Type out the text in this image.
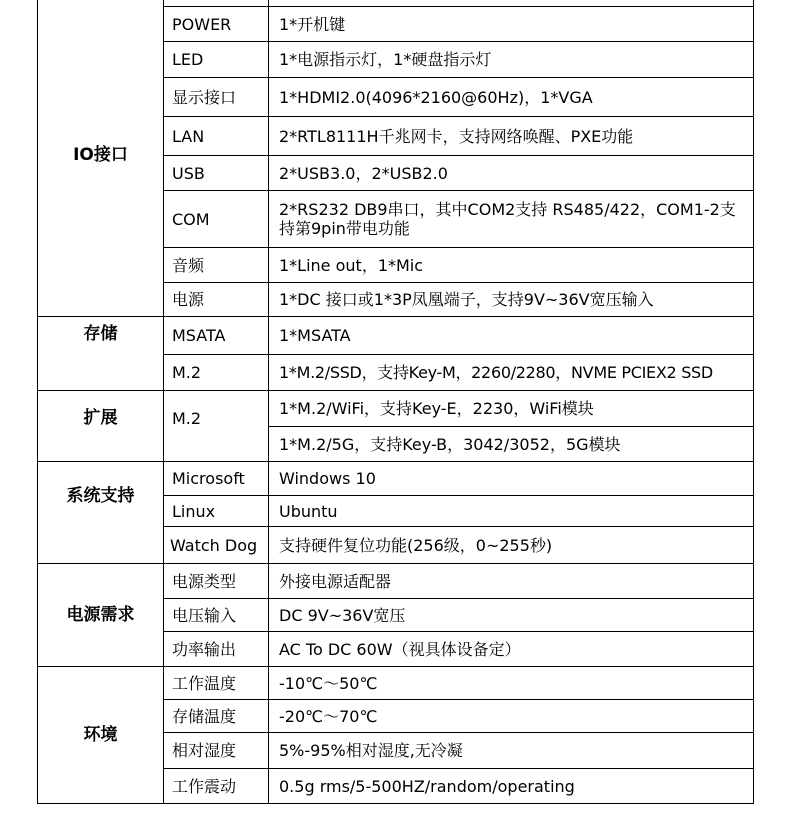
IO接口		
	POWER	1*开机键
	LED	1*电源指示灯，1*硬盘指示灯
	显示接口	1*HDMI2.0(4096*2160@60Hz)，1*VGA
	LAN	2*RTL8111H千兆网卡，支持网络唤醒、PXE功能
	USB	2*USB3.0，2*USB2.0
	COM	2*RS232 DB9串口，其中COM2支持 RS485/422，COM1-2支持第9pin带电功能
	音频	1*Line out，1*Mic
	电源	1*DC 接口或1*3P凤凰端子，支持9V~36V宽压输入
存储	MSATA	1*MSATA
	M.2	1*M.2/SSD，支持Key-M，2260/2280，NVME PCIEX2 SSD
扩展	M.2	1*M.2/WiFi，支持Key-E，2230，WiFi模块
		1*M.2/5G，支持Key-B，3042/3052，5G模块
系统支持	Microsoft	Windows 10
	Linux	Ubuntu
	Watch Dog	支持硬件复位功能(256级，0~255秒)
电源需求	电源类型	外接电源适配器
	电压输入	DC 9V~36V宽压
	功率输出	AC To DC 60W（视具体设备定）
环境	工作温度	-10℃～50℃
	存储温度	-20℃～70℃
	相对湿度	5%-95%相对湿度,无冷凝
	工作震动	0.5g rms/5-500HZ/random/operating
